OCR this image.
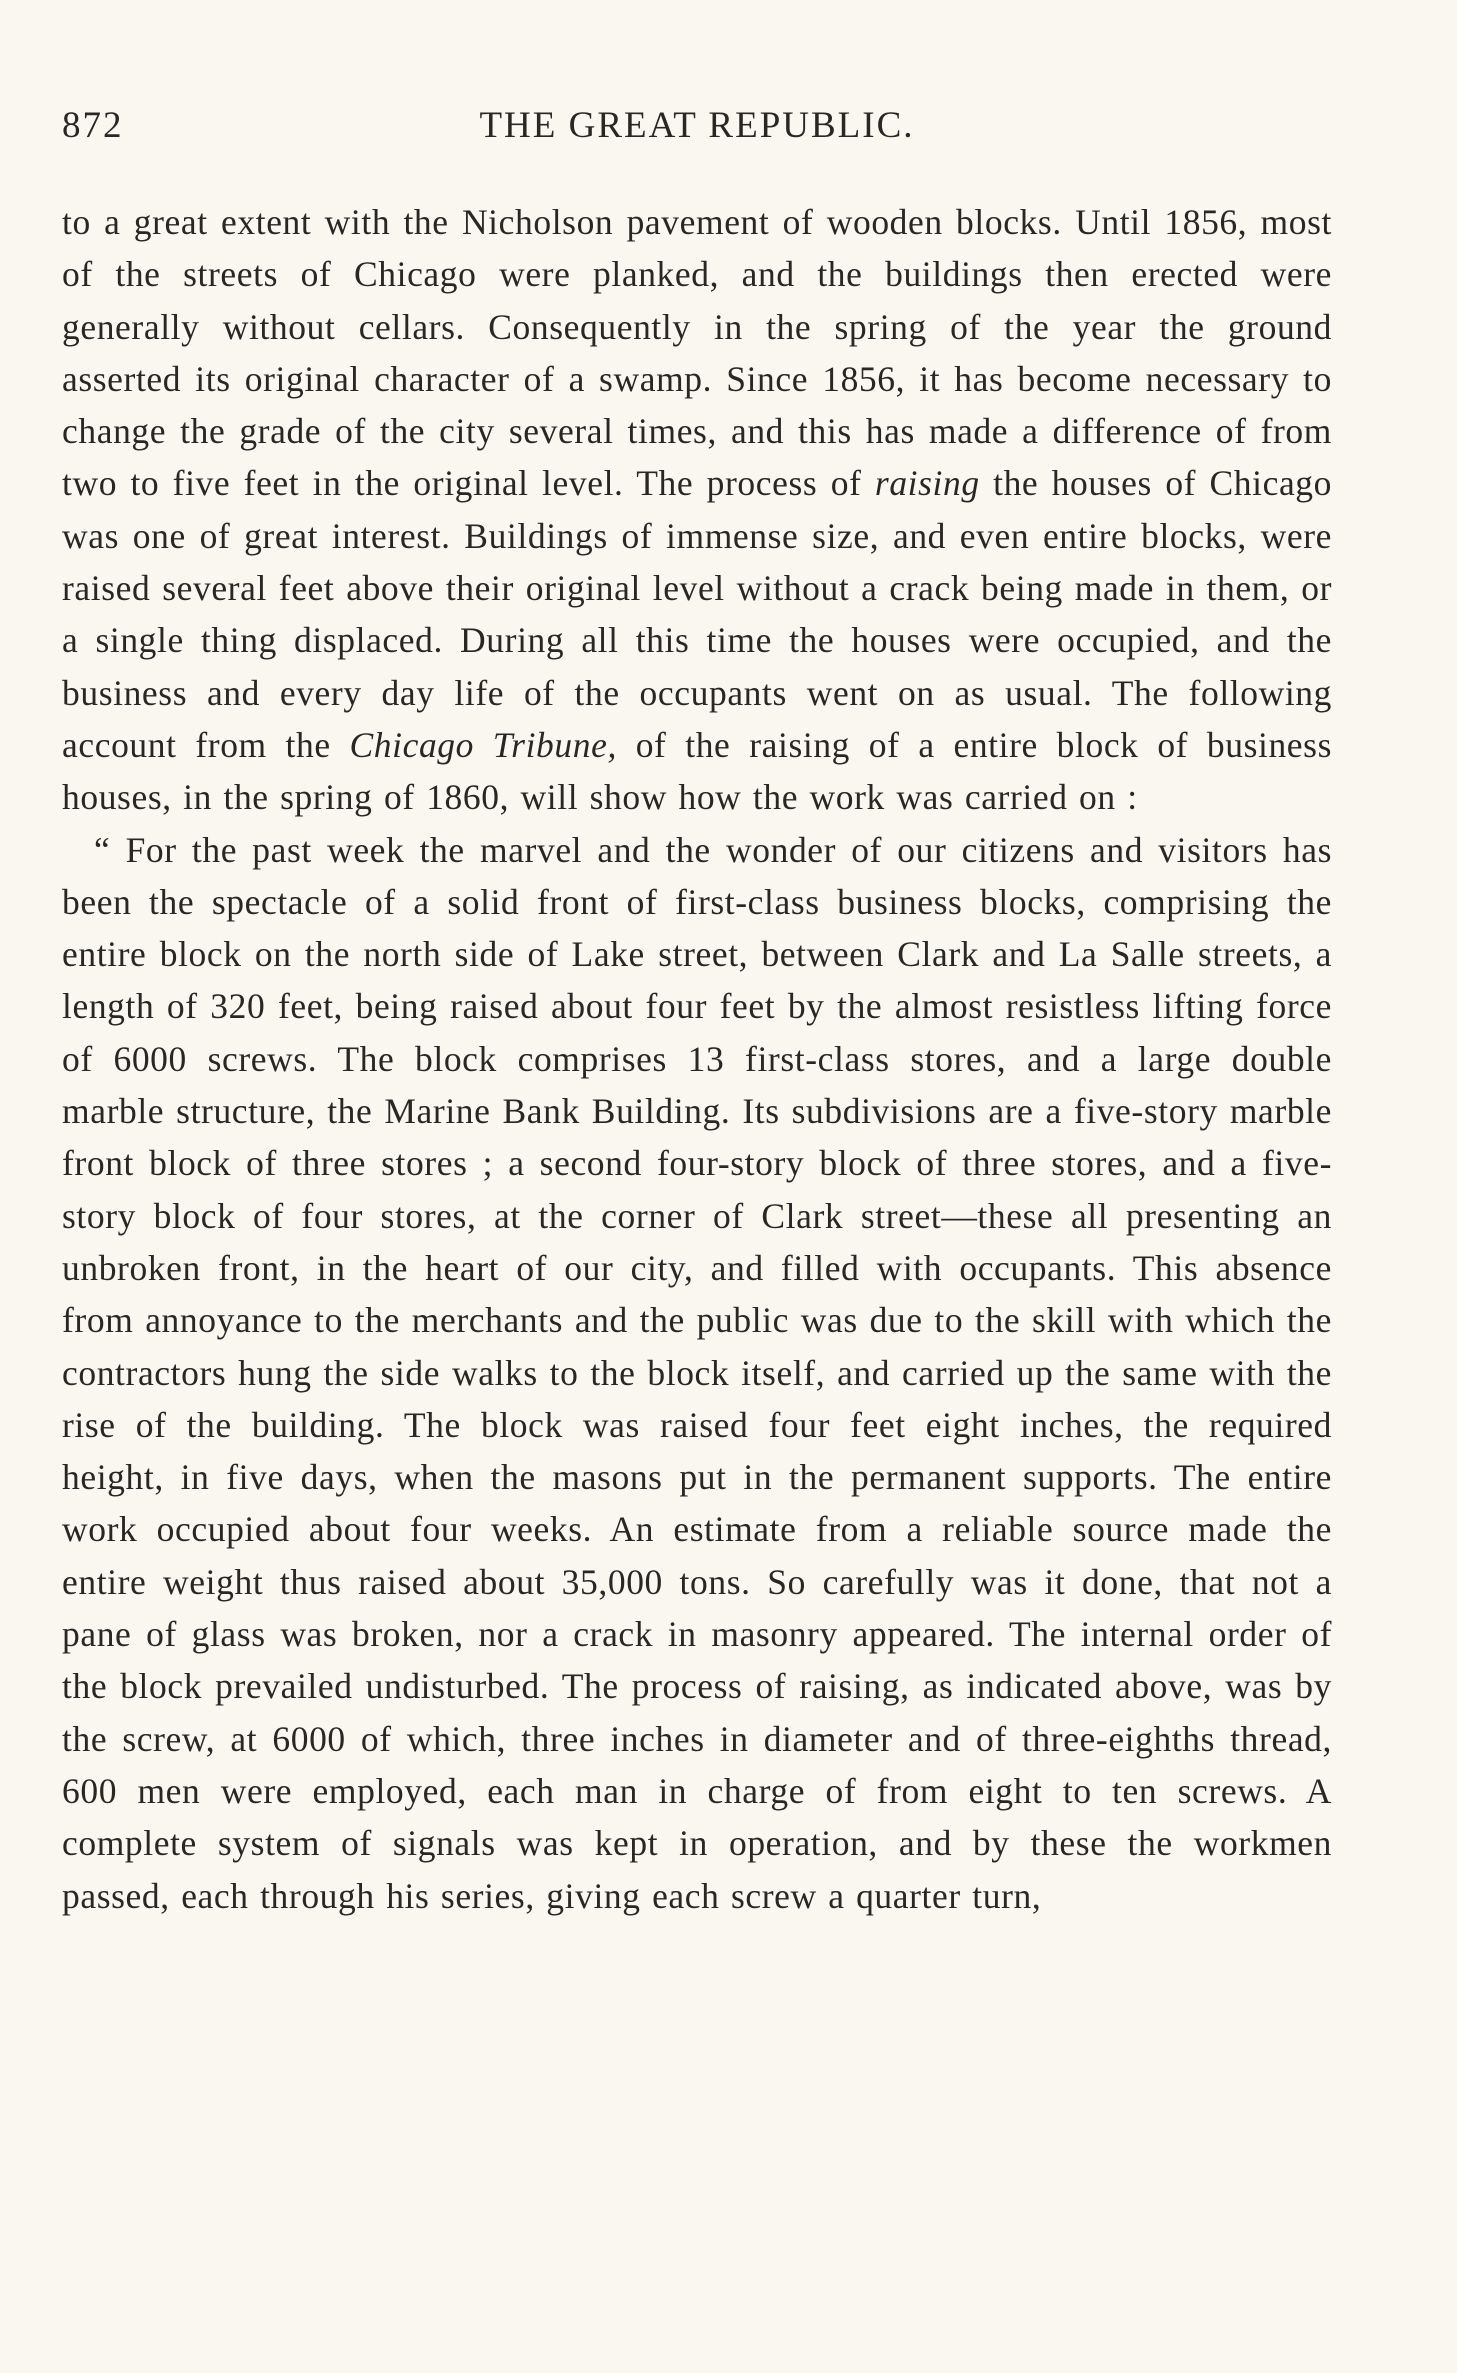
872	THE GREAT REPUBLIC.

to a great extent with the Nicholson pavement of wooden blocks. Until 1856, most of the streets of Chicago were planked, and the buildings then erected were generally without cellars. Consequently in the spring of the year the ground asserted its original character of a swamp. Since 1856, it has become necessary to change the grade of the city several times, and this has made a difference of from two to five feet in the original level. The process of raising the houses of Chicago was one of great interest. Buildings of immense size, and even entire blocks, were raised several feet above their original level without a crack being made in them, or a single thing displaced. During all this time the houses were occupied, and the business and every day life of the occupants went on as usual. The following account from the Chicago Tribune, of the raising of a entire block of business houses, in the spring of 1860, will show how the work was carried on :

“ For the past week the marvel and the wonder of our citizens and visitors has been the spectacle of a solid front of first-class business blocks, comprising the entire block on the north side of Lake street, between Clark and La Salle streets, a length of 320 feet, being raised about four feet by the almost resistless lifting force of 6000 screws. The block comprises 13 first-class stores, and a large double marble structure, the Marine Bank Building. Its subdivisions are a five-story marble front block of three stores ; a second four-story block of three stores, and a five-story block of four stores, at the corner of Clark street—these all presenting an unbroken front, in the heart of our city, and filled with occupants. This absence from annoyance to the merchants and the public was due to the skill with which the contractors hung the side walks to the block itself, and carried up the same with the rise of the building. The block was raised four feet eight inches, the required height, in five days, when the masons put in the permanent supports. The entire work occupied about four weeks. An estimate from a reliable source made the entire weight thus raised about 35,000 tons. So carefully was it done, that not a pane of glass was broken, nor a crack in masonry appeared. The internal order of the block prevailed undisturbed. The process of raising, as indicated above, was by the screw, at 6000 of which, three inches in diameter and of three-eighths thread, 600 men were employed, each man in charge of from eight to ten screws. A complete system of signals was kept in operation, and by these the workmen passed, each through his series, giving each screw a quarter turn,
